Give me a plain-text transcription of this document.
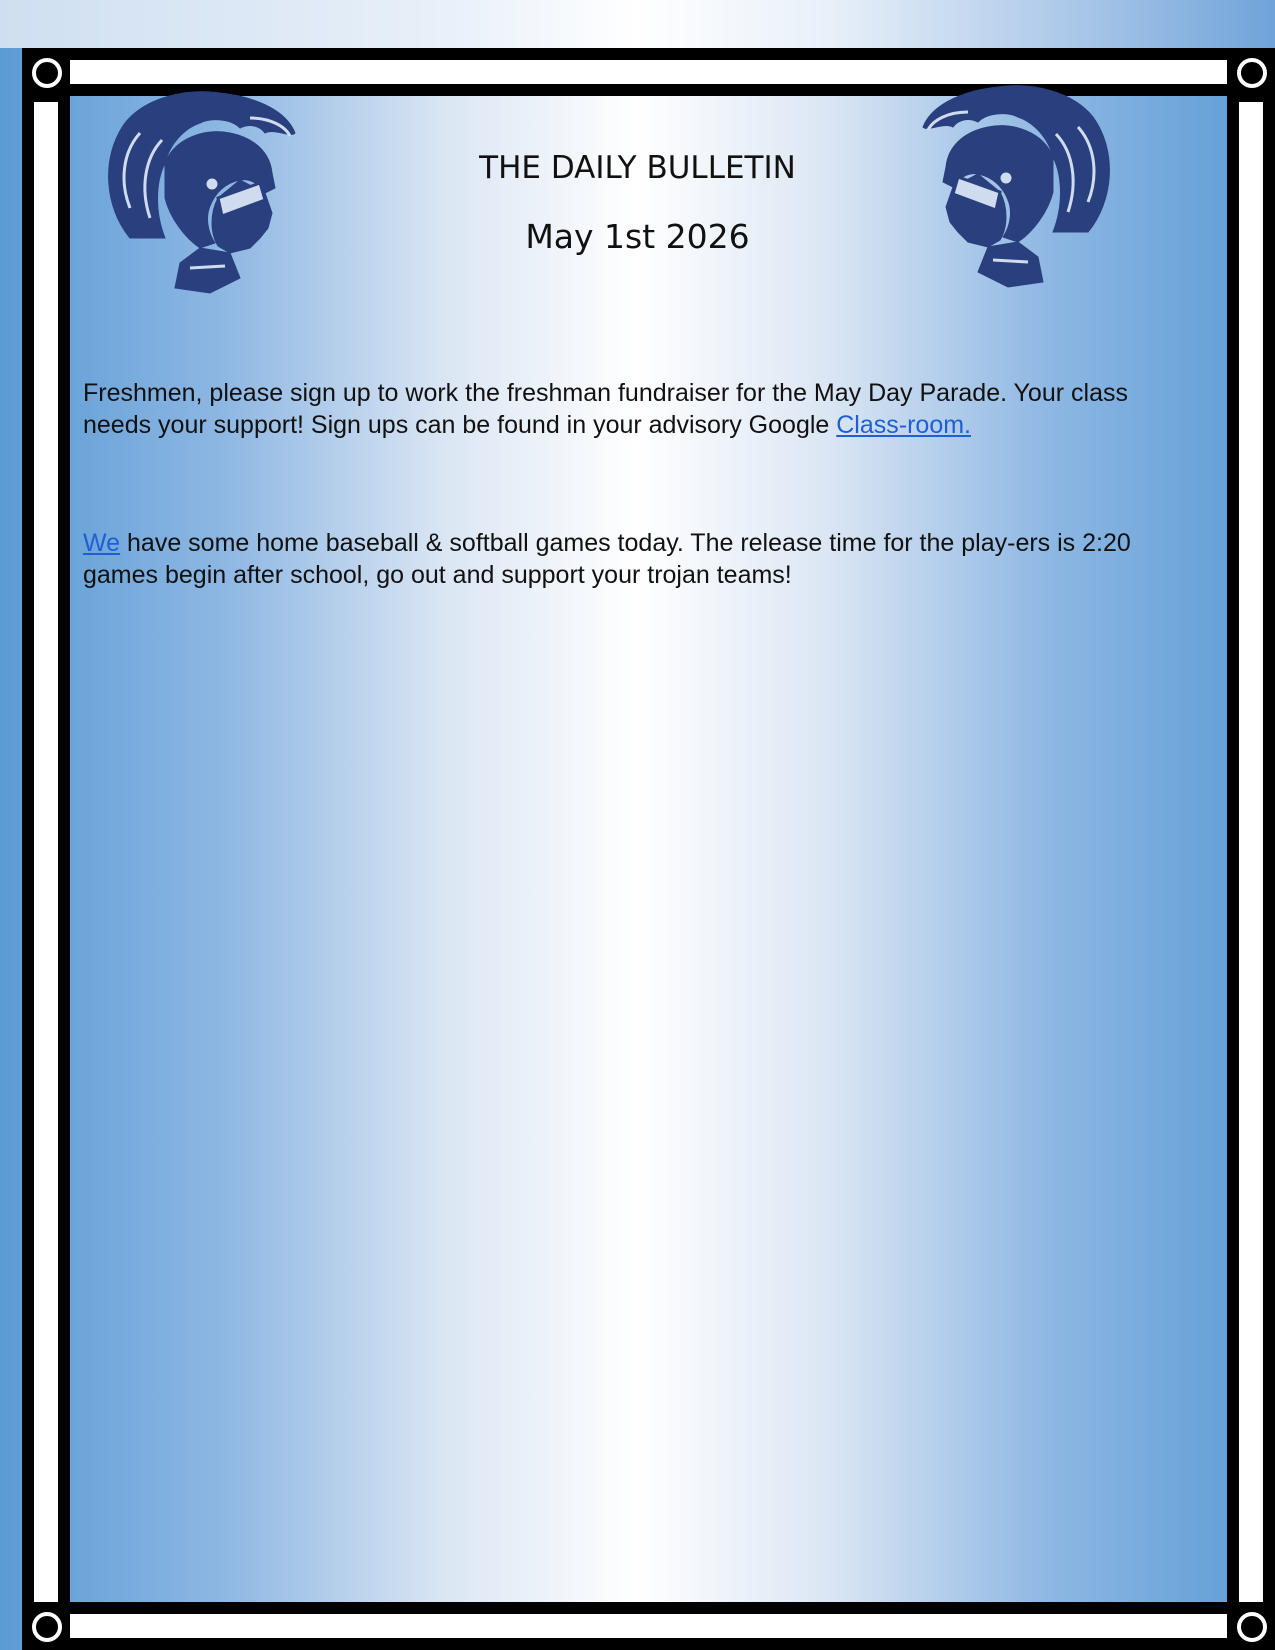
THE DAILY BULLETIN
May 1st 2026

Freshmen, please sign up to work the freshman fundraiser for the May Day Parade. Your class needs your support! Sign ups can be found in your advisory Google Class-room.

We have some home baseball & softball games today. The release time for the play-ers is 2:20 games begin after school, go out and support your trojan teams!
